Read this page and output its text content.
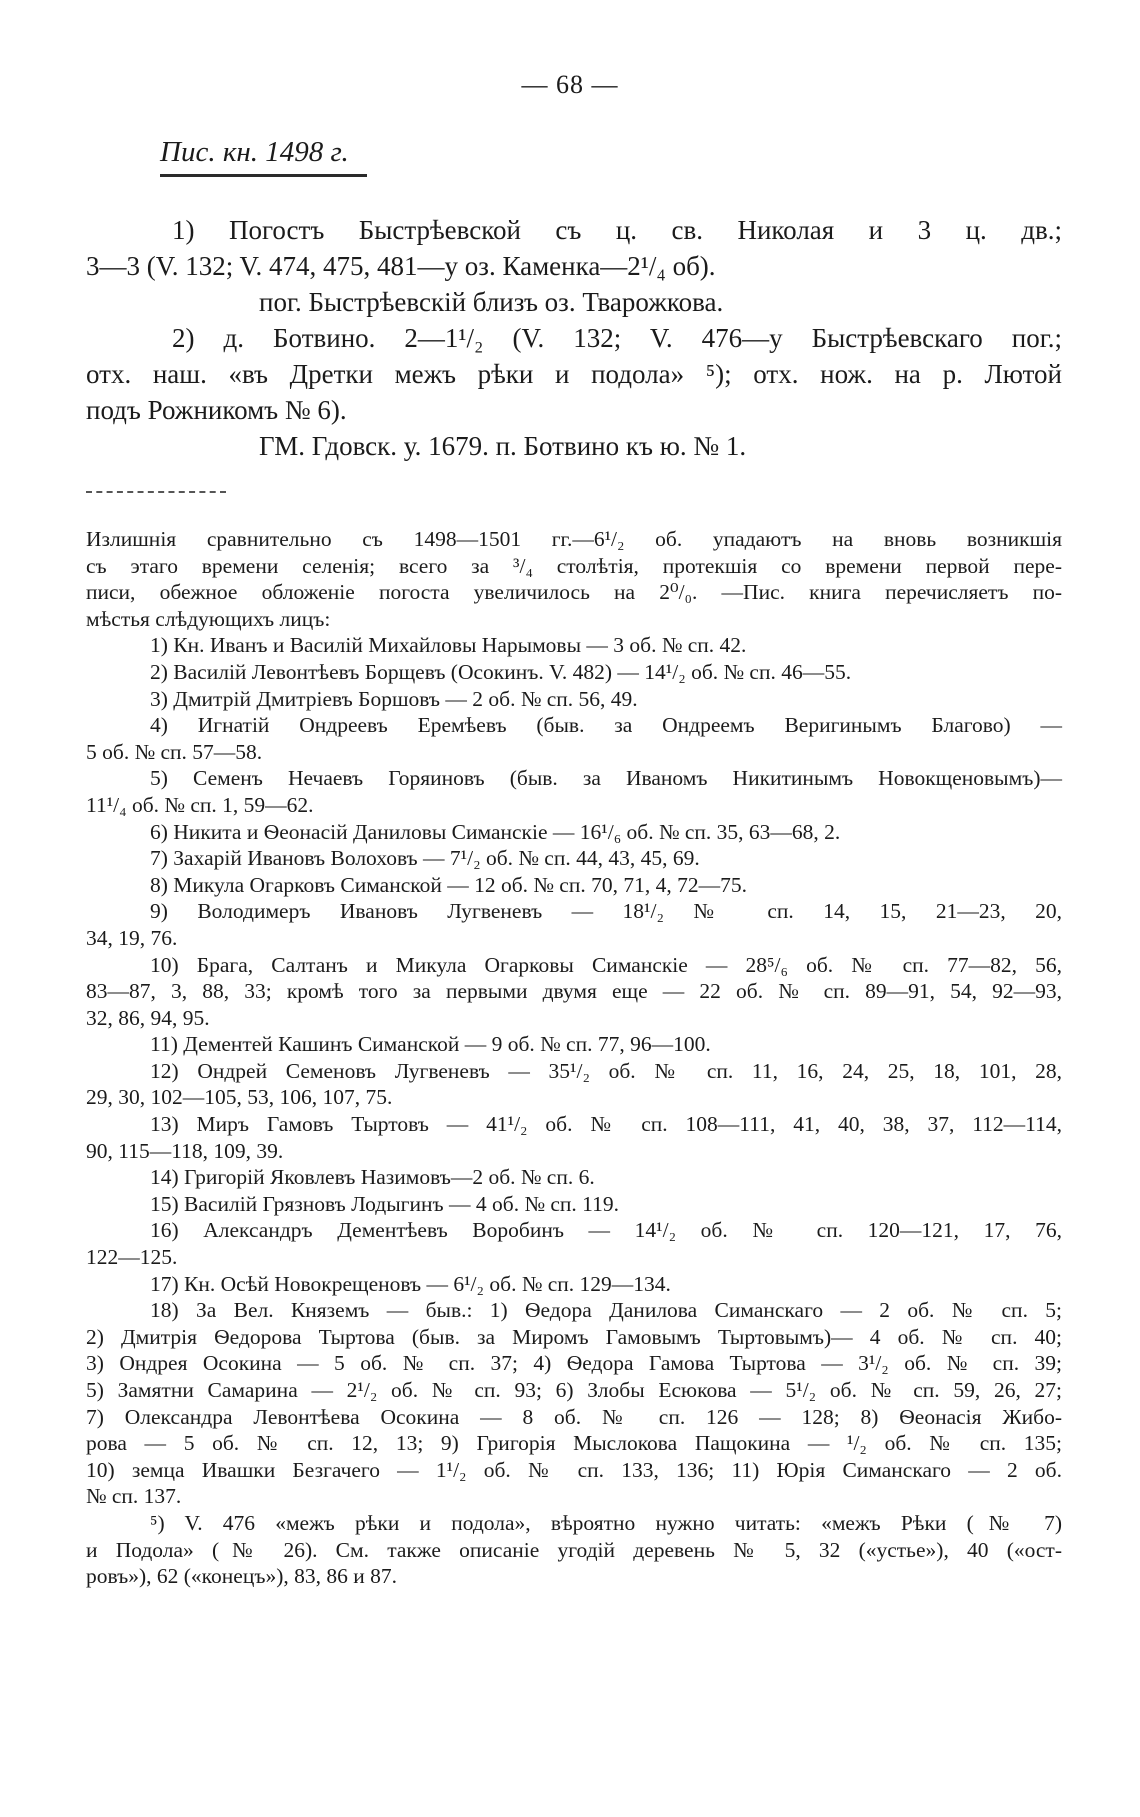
— 68 —
Пис. кн. 1498 г.

1) Погостъ Быстрѣевской съ ц. св. Николая и 3 ц. дв.;

3—3 (V. 132; V. 474, 475, 481—у оз. Каменка—2¹/₄ об).

пог. Быстрѣевскій близъ оз. Тварожкова.

2) д. Ботвино. 2—1¹/₂ (V. 132; V. 476—у Быстрѣевскаго пог.;

отх. наш. «въ Дретки межъ рѣки и подола» ⁵); отх. нож. на р. Лютой

подъ Рожникомъ № 6).

ГМ. Гдовск. у. 1679. п. Ботвино къ ю. № 1.

Излишнія сравнительно съ 1498—1501 гг.—6¹/₂ об. упадаютъ на вновь возникшія

съ этаго времени селенія; всего за ³/₄ столѣтія, протекшія со времени первой пере-

писи, обежное обложеніе погоста увеличилось на 2⁰/₀. —Пис. книга перечисляетъ по-

мѣстья слѣдующихъ лицъ:

1) Кн. Иванъ и Василій Михайловы Нарымовы — 3 об. № сп. 42.

2) Василій Левонтѣевъ Борщевъ (Осокинъ. V. 482) — 14¹/₂ об. № сп. 46—55.

3) Дмитрій Дмитріевъ Боршовъ — 2 об. № сп. 56, 49.

4) Игнатій Ондреевъ Еремѣевъ (быв. за Ондреемъ Веригинымъ Благово) —

5 об. № сп. 57—58.

5) Семенъ Нечаевъ Горяиновъ (быв. за Иваномъ Никитинымъ Новокщеновымъ)—

11¹/₄ об. № сп. 1, 59—62.

6) Никита и Ѳеонасій Даниловы Симанскіе — 16¹/₆ об. № сп. 35, 63—68, 2.

7) Захарій Ивановъ Волоховъ — 7¹/₂ об. № сп. 44, 43, 45, 69.

8) Микула Огарковъ Симанской — 12 об. № сп. 70, 71, 4, 72—75.

9) Володимеръ Ивановъ Лугвеневъ — 18¹/₂ № сп. 14, 15, 21—23, 20,

34, 19, 76.

10) Брага, Салтанъ и Микула Огарковы Симанскіе — 28⁵/₆ об. № сп. 77—82, 56,

83—87, 3, 88, 33; кромѣ того за первыми двумя еще — 22 об. № сп. 89—91, 54, 92—93,

32, 86, 94, 95.

11) Дементей Кашинъ Симанской — 9 об. № сп. 77, 96—100.

12) Ондрей Семеновъ Лугвеневъ — 35¹/₂ об. № сп. 11, 16, 24, 25, 18, 101, 28,

29, 30, 102—105, 53, 106, 107, 75.

13) Миръ Гамовъ Тыртовъ — 41¹/₂ об. № сп. 108—111, 41, 40, 38, 37, 112—114,

90, 115—118, 109, 39.

14) Григорій Яковлевъ Назимовъ—2 об. № сп. 6.

15) Василій Грязновъ Лодыгинъ — 4 об. № сп. 119.

16) Александръ Дементѣевъ Воробинъ — 14¹/₂ об. № сп. 120—121, 17, 76,

122—125.

17) Кн. Осѣй Новокрещеновъ — 6¹/₂ об. № сп. 129—134.

18) За Вел. Княземъ — быв.: 1) Ѳедора Данилова Симанскаго — 2 об. № сп. 5;

2) Дмитрія Ѳедорова Тыртова (быв. за Миромъ Гамовымъ Тыртовымъ)— 4 об. № сп. 40;

3) Ондрея Осокина — 5 об. № сп. 37; 4) Ѳедора Гамова Тыртова — 3¹/₂ об. № сп. 39;

5) Замятни Самарина — 2¹/₂ об. № сп. 93; 6) Злобы Есюкова — 5¹/₂ об. № сп. 59, 26, 27;

7) Олександра Левонтѣева Осокина — 8 об. № сп. 126 — 128; 8) Ѳеонасія Жибо-

рова — 5 об. № сп. 12, 13; 9) Григорія Мыслокова Пащокина — ¹/₂ об. № сп. 135;

10) земца Ивашки Безгачего — 1¹/₂ об. № сп. 133, 136; 11) Юрія Симанскаго — 2 об.

№ сп. 137.

⁵) V. 476 «межъ рѣки и подола», вѣроятно нужно читать: «межъ Рѣки (№ 7)

и Подола» (№ 26). См. также описаніе угодій деревень № 5, 32 («устье»), 40 («ост-

ровъ»), 62 («конецъ»), 83, 86 и 87.
